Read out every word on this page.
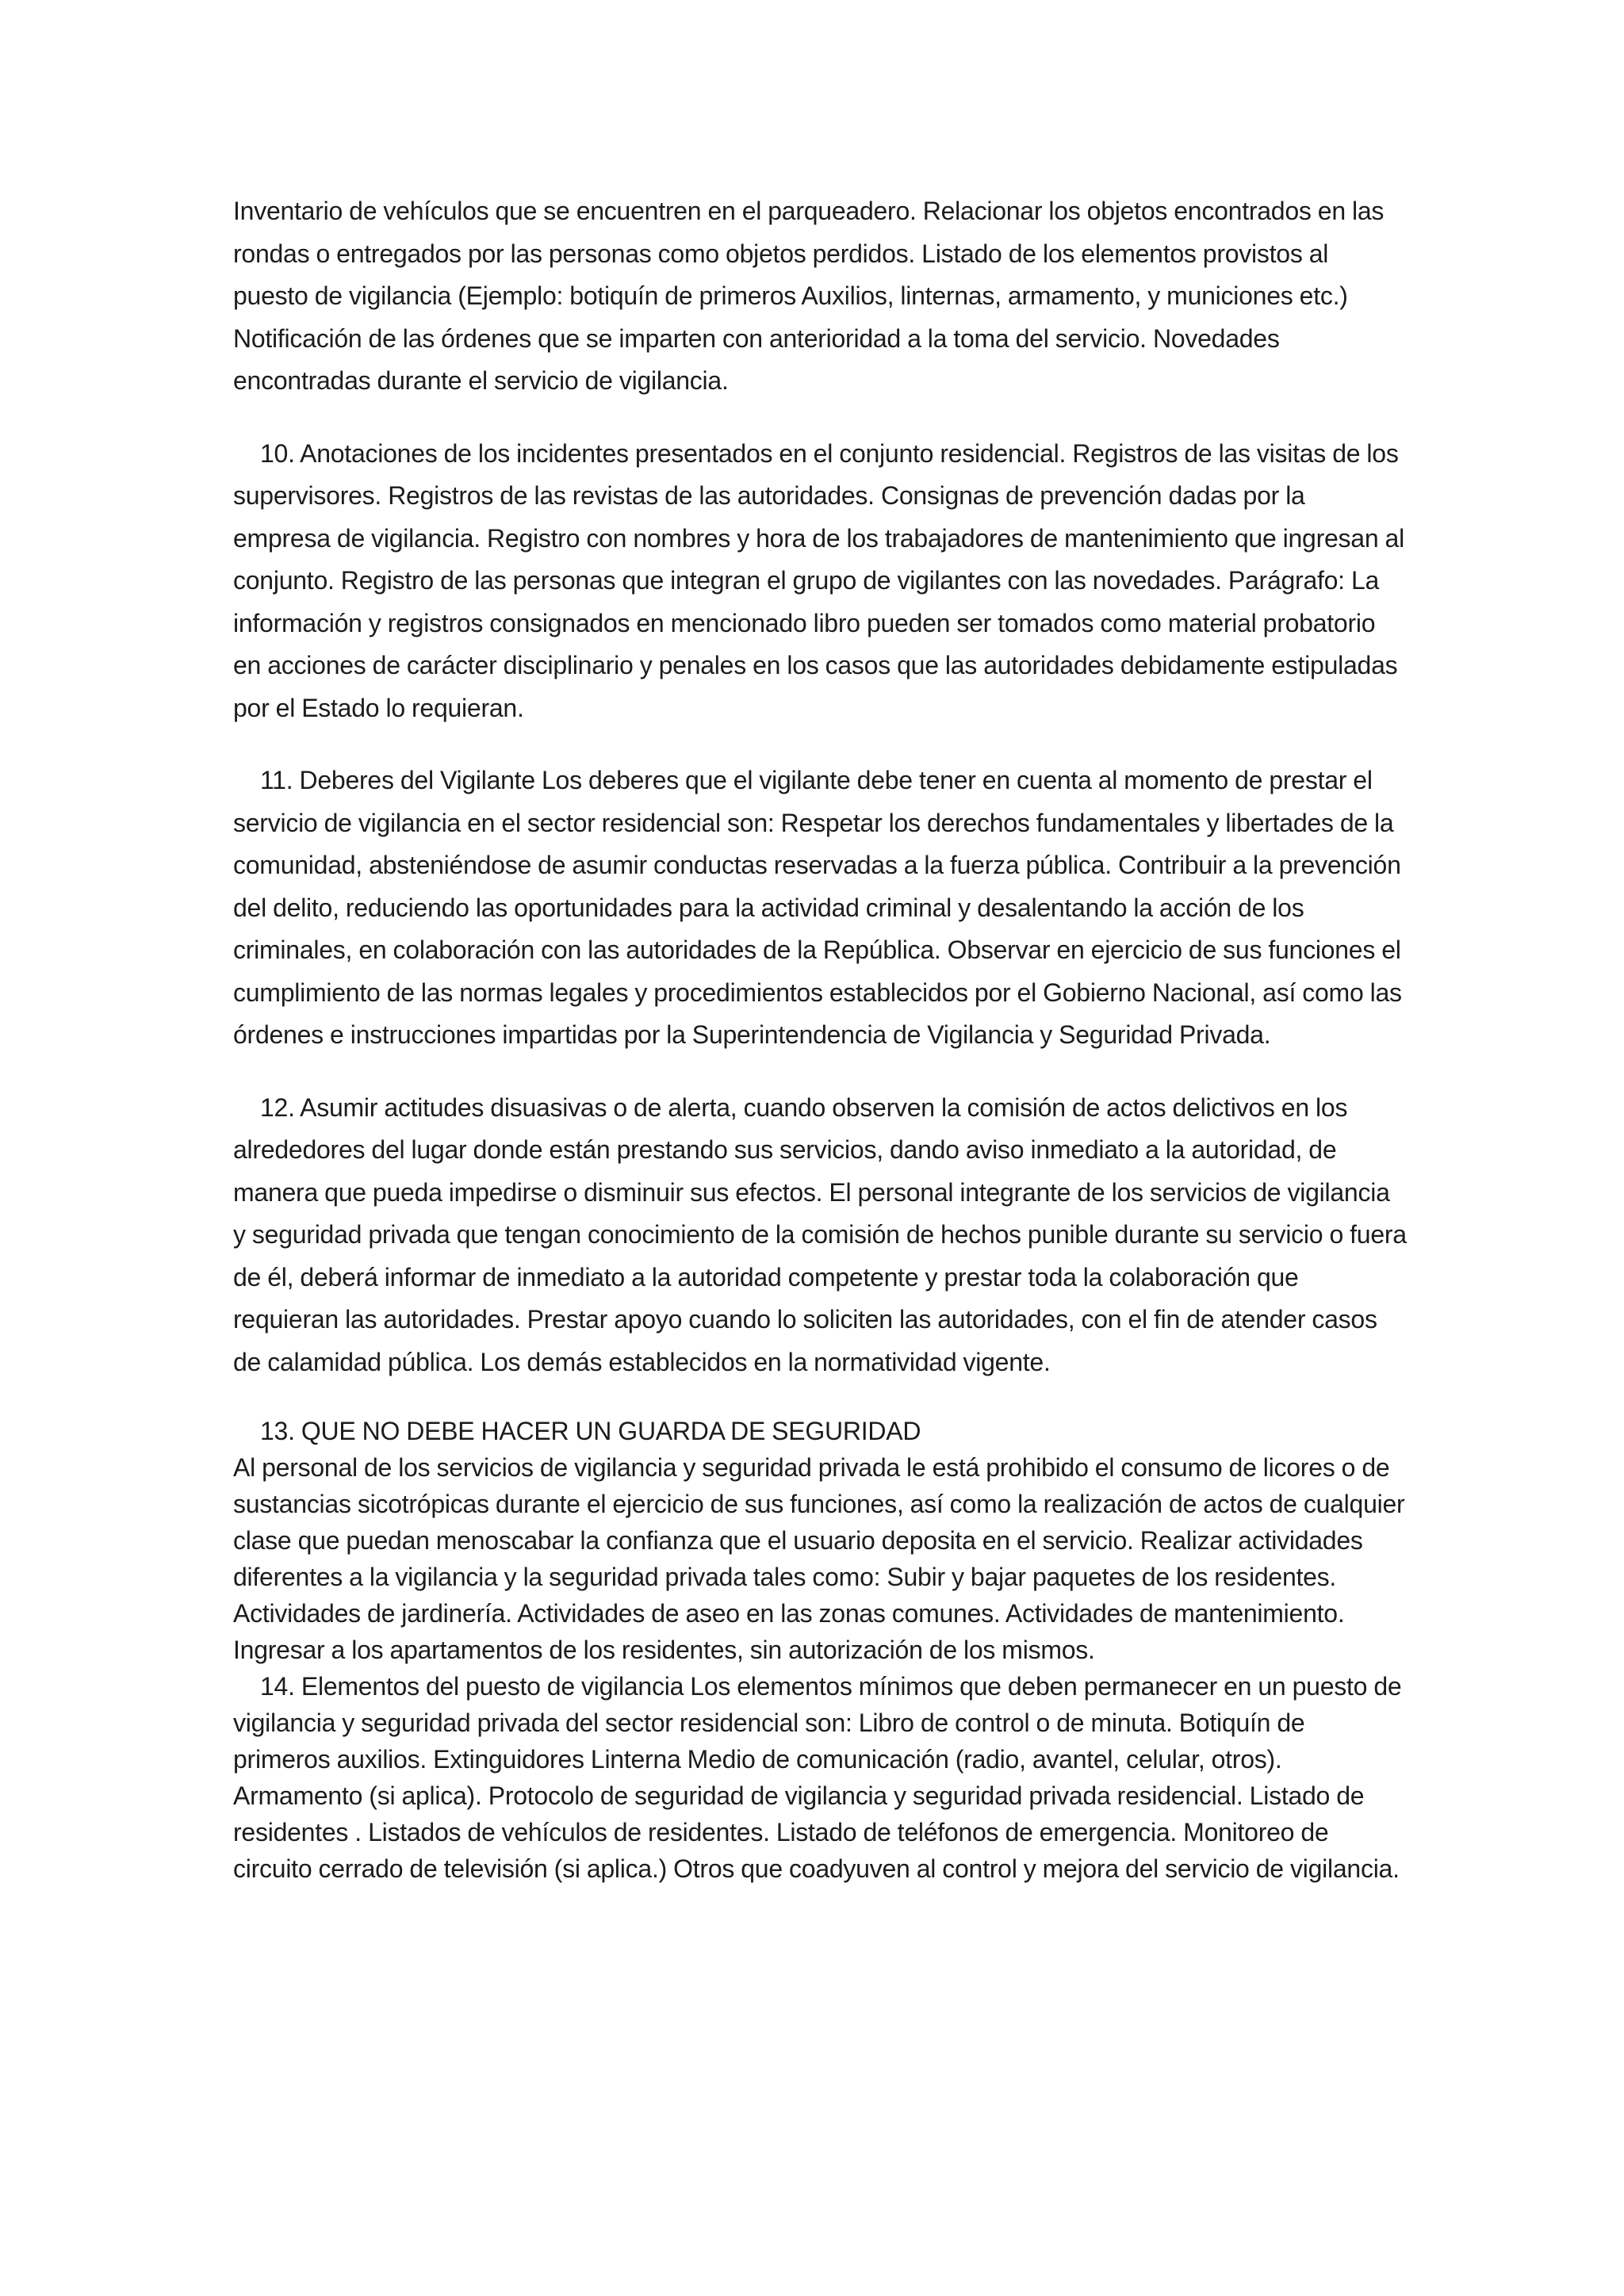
Inventario de vehículos que se encuentren en el parqueadero. Relacionar los objetos encontrados en las rondas o entregados por las personas como objetos perdidos. Listado de los elementos provistos al puesto de vigilancia (Ejemplo: botiquín de primeros Auxilios, linternas, armamento, y municiones etc.) Notificación de las órdenes que se imparten con anterioridad a la toma del servicio. Novedades encontradas durante el servicio de vigilancia.

10. Anotaciones de los incidentes presentados en el conjunto residencial. Registros de las visitas de los supervisores. Registros de las revistas de las autoridades. Consignas de prevención dadas por la empresa de vigilancia. Registro con nombres y hora de los trabajadores de mantenimiento que ingresan al conjunto. Registro de las personas que integran el grupo de vigilantes con las novedades. Parágrafo: La información y registros consignados en mencionado libro pueden ser tomados como material probatorio en acciones de carácter disciplinario y penales en los casos que las autoridades debidamente estipuladas por el Estado lo requieran.

11. Deberes del Vigilante Los deberes que el vigilante debe tener en cuenta al momento de prestar el servicio de vigilancia en el sector residencial son: Respetar los derechos fundamentales y libertades de la comunidad, absteniéndose de asumir conductas reservadas a la fuerza pública. Contribuir a la prevención del delito, reduciendo las oportunidades para la actividad criminal y desalentando la acción de los criminales, en colaboración con las autoridades de la República. Observar en ejercicio de sus funciones el cumplimiento de las normas legales y procedimientos establecidos por el Gobierno Nacional, así como las órdenes e instrucciones impartidas por la Superintendencia de Vigilancia y Seguridad Privada.

12. Asumir actitudes disuasivas o de alerta, cuando observen la comisión de actos delictivos en los alrededores del lugar donde están prestando sus servicios, dando aviso inmediato a la autoridad, de manera que pueda impedirse o disminuir sus efectos. El personal integrante de los servicios de vigilancia y seguridad privada que tengan conocimiento de la comisión de hechos punible durante su servicio o fuera de él, deberá informar de inmediato a la autoridad competente y prestar toda la colaboración que requieran las autoridades. Prestar apoyo cuando lo soliciten las autoridades, con el fin de atender casos de calamidad pública. Los demás establecidos en la normatividad vigente.

13. QUE NO DEBE HACER UN GUARDA DE SEGURIDAD

Al personal de los servicios de vigilancia y seguridad privada le está prohibido el consumo de licores o de sustancias sicotrópicas durante el ejercicio de sus funciones, así como la realización de actos de cualquier clase que puedan menoscabar la confianza que el usuario deposita en el servicio. Realizar actividades diferentes a la vigilancia y la seguridad privada tales como: Subir y bajar paquetes de los residentes. Actividades de jardinería. Actividades de aseo en las zonas comunes. Actividades de mantenimiento. Ingresar a los apartamentos de los residentes, sin autorización de los mismos.

14. Elementos del puesto de vigilancia Los elementos mínimos que deben permanecer en un puesto de vigilancia y seguridad privada del sector residencial son: Libro de control o de minuta. Botiquín de primeros auxilios. Extinguidores Linterna Medio de comunicación (radio, avantel, celular, otros). Armamento (si aplica). Protocolo de seguridad de vigilancia y seguridad privada residencial. Listado de residentes . Listados de vehículos de residentes. Listado de teléfonos de emergencia. Monitoreo de circuito cerrado de televisión (si aplica.) Otros que coadyuven al control y mejora del servicio de vigilancia.
